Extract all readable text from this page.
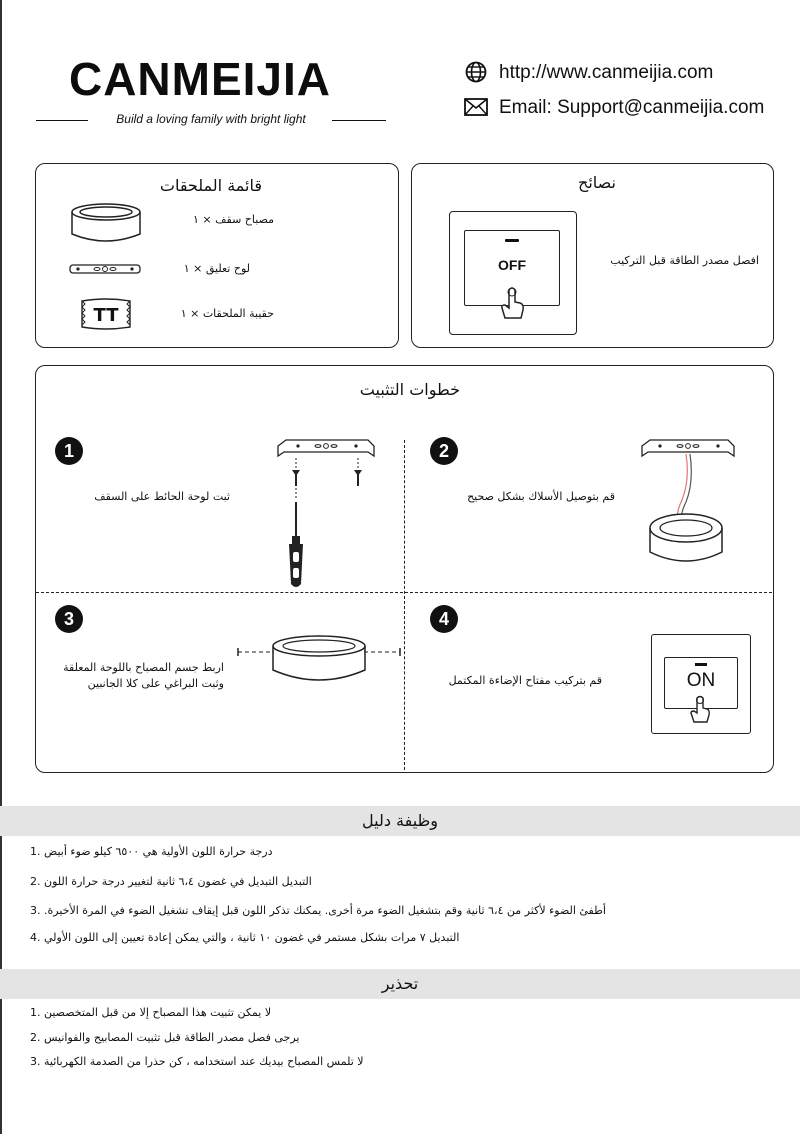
CANMEIJIA
Build a loving family with bright light
http://www.canmeijia.com
Email: Support@canmeijia.com
قائمة الملحقات
مصباح سقف × ١
لوح تعليق × ١
TT	حقيبة الملحقات × ١
نصائح
OFF	افصل مصدر الطاقة قبل التركيب
خطوات التثبيت
1
ثبت لوحة الحائط على السقف
2
قم بتوصيل الأسلاك بشكل صحيح
3
اربط جسم المصباح باللوحة المعلقة وثبت البراغي على كلا الجانبين
4
قم بتركيب مفتاح الإضاءة المكتمل	ON
وظيفة دليل
درجة حرارة اللون الأولية هي ٦٥٠٠ كيلو ضوء أبيض .1
التبديل التبديل في غضون ٦،٤ ثانية لتغيير درجة حرارة اللون .2
أطفئ الضوء لأكثر من ٦،٤ ثانية وقم بتشغيل الضوء مرة أخرى. يمكنك تذكر اللون قبل إيقاف تشغيل الضوء في المرة الأخيرة. .3
التبديل ٧ مرات بشكل مستمر في غضون ١٠ ثانية ، والتي يمكن إعادة تعيين إلى اللون الأولي .4
تحذير
لا يمكن تثبيت هذا المصباح إلا من قبل المتخصصين .1
يرجى فصل مصدر الطاقة قبل تثبيت المصابيح والفوانيس .2
لا تلمس المصباح بيديك عند استخدامه ، كن حذرا من الصدمة الكهربائية .3
